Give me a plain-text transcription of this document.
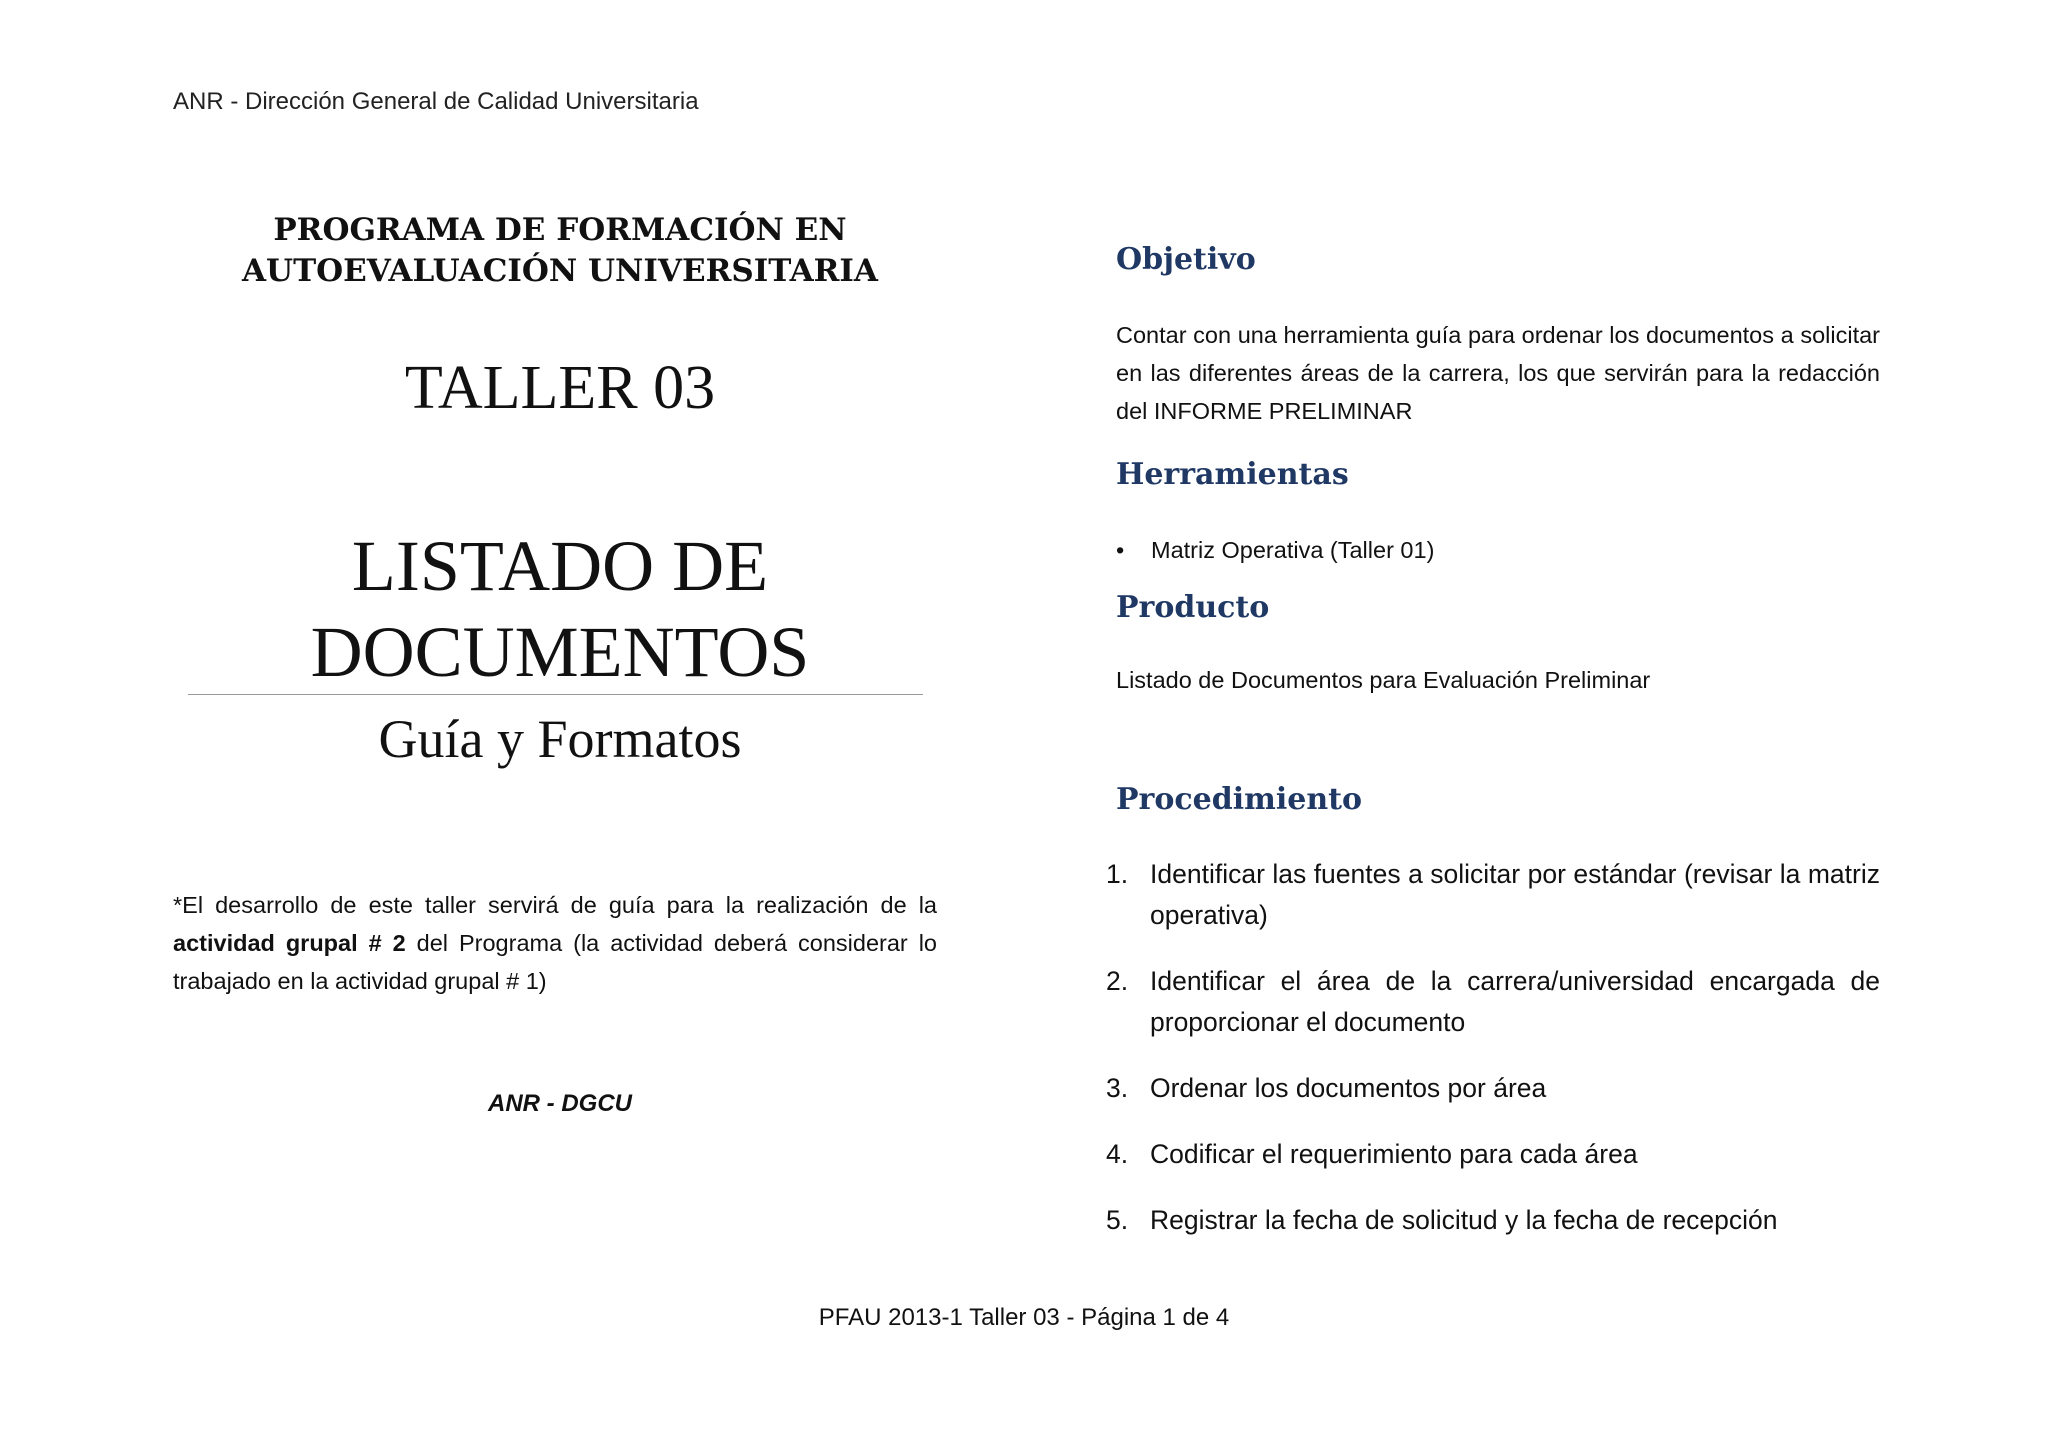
ANR - Dirección General de Calidad Universitaria
PROGRAMA DE FORMACIÓN EN
AUTOEVALUACIÓN UNIVERSITARIA
TALLER 03
LISTADO DE
DOCUMENTOS
Guía y Formatos
*El desarrollo de este taller servirá de guía para la realización de la actividad grupal # 2 del Programa (la actividad deberá considerar lo trabajado en la actividad grupal # 1)
ANR - DGCU
Objetivo
Contar con una herramienta guía para ordenar los documentos a solicitar en las diferentes áreas de la carrera, los que servirán para la redacción del INFORME PRELIMINAR
Herramientas
• Matriz Operativa (Taller 01)
Producto
Listado de Documentos para Evaluación Preliminar
Procedimiento
1. Identificar las fuentes a solicitar por estándar (revisar la matriz operativa)
2. Identificar el área de la carrera/universidad encargada de proporcionar el documento
3. Ordenar los documentos por área
4. Codificar el requerimiento para cada área
5. Registrar la fecha de solicitud y la fecha de recepción
PFAU 2013-1 Taller 03 - Página 1 de 4
